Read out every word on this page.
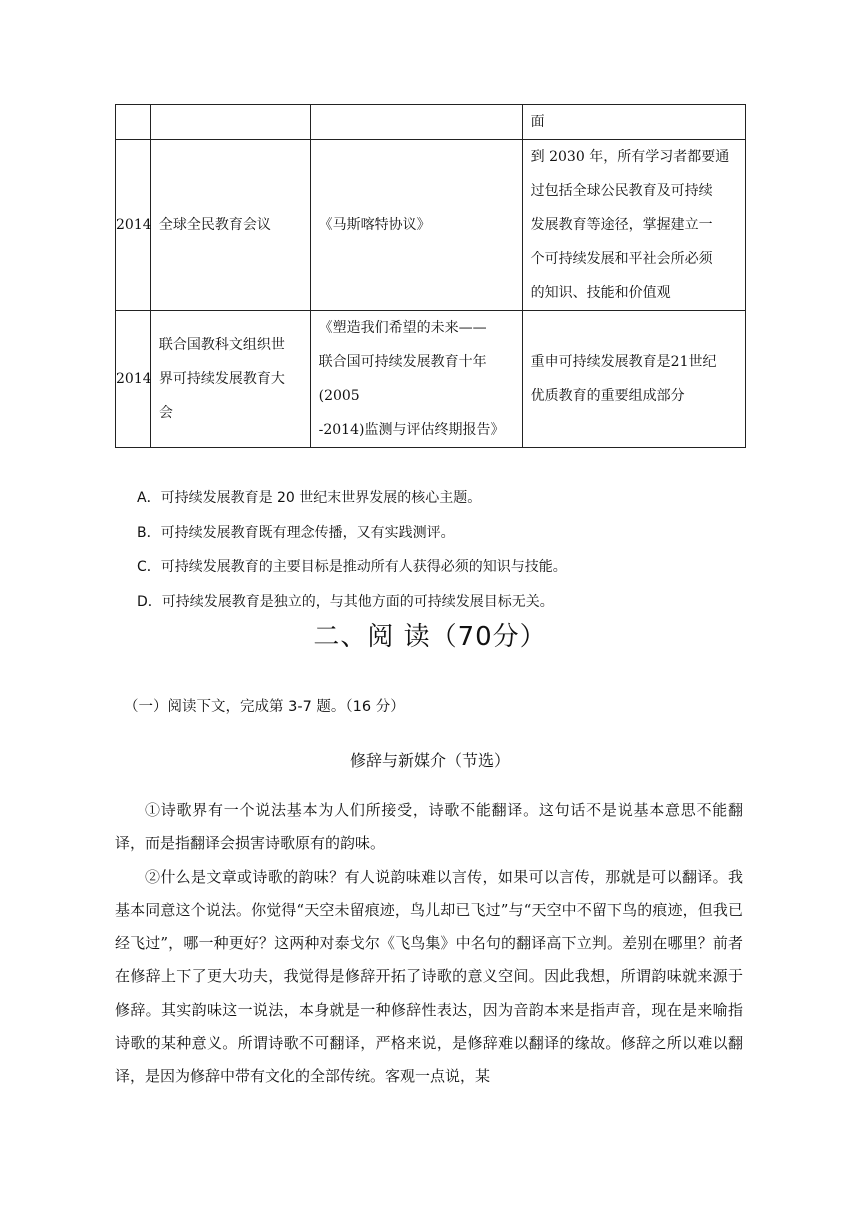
			面

2014	全球全民教育会议	《马斯喀特协议》	到 2030 年，所有学习者都要通
过包括全球公民教育及可持续
发展教育等途径，掌握建立一
个可持续发展和平社会所必须
的知识、技能和价值观

2014	联合国教科文组织世
界可持续发展教育大
会	《塑造我们希望的未来——
联合国可持续发展教育十年
(2005
-2014)监测与评估终期报告》	重申可持续发展教育是21世纪
优质教育的重要组成部分
A．可持续发展教育是 20 世纪末世界发展的核心主题。
B．可持续发展教育既有理念传播，又有实践测评。
C．可持续发展教育的主要目标是推动所有人获得必须的知识与技能。
D．可持续发展教育是独立的，与其他方面的可持续发展目标无关。
二、阅 读（70分）
（一）阅读下文，完成第 3-7 题。（16 分）
修辞与新媒介（节选）

①诗歌界有一个说法基本为人们所接受，诗歌不能翻译。这句话不是说基本意思不能翻译，而是指翻译会损害诗歌原有的韵味。

②什么是文章或诗歌的韵味？有人说韵味难以言传，如果可以言传，那就是可以翻译。我基本同意这个说法。你觉得“天空未留痕迹，鸟儿却已飞过”与“天空中不留下鸟的痕迹，但我已经飞过”，哪一种更好？这两种对泰戈尔《飞鸟集》中名句的翻译高下立判。差别在哪里？前者在修辞上下了更大功夫，我觉得是修辞开拓了诗歌的意义空间。因此我想，所谓韵味就来源于修辞。其实韵味这一说法，本身就是一种修辞性表达，因为音韵本来是指声音，现在是来喻指诗歌的某种意义。所谓诗歌不可翻译，严格来说，是修辞难以翻译的缘故。修辞之所以难以翻译，是因为修辞中带有文化的全部传统。客观一点说，某
